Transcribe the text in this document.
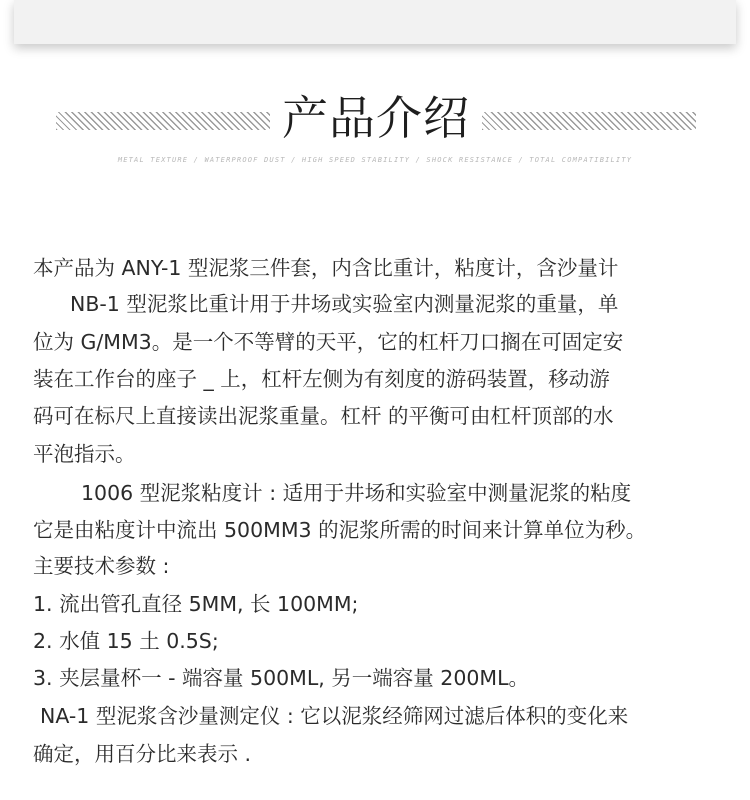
产品介绍
METAL TEXTURE / WATERPROOF DUST / HIGH SPEED STABILITY / SHOCK RESISTANCE / TOTAL COMPATIBILITY

本产品为 ANY-1 型泥浆三件套，内含比重计，粘度计，含沙量计

NB-1 型泥浆比重计用于井场或实验室内测量泥浆的重量，单

位为 G/MM3。是一个不等臂的天平，它的杠杆刀口搁在可固定安

装在工作台的座子 _ 上，杠杆左侧为有刻度的游码装置，移动游

码可在标尺上直接读出泥浆重量。杠杆 的平衡可由杠杆顶部的水

平泡指示。

1006 型泥浆粘度计 : 适用于井场和实验室中测量泥浆的粘度

它是由粘度计中流出 500MM3 的泥浆所需的时间来计算单位为秒。

主要技术参数 :

1. 流出管孔直径 5MM, 长 100MM;

2. 水值 15 土 0.5S;

3. 夹层量杯一 - 端容量 500ML, 另一端容量 200ML。

NA-1 型泥浆含沙量测定仪 : 它以泥浆经筛网过滤后体积的变化来

确定，用百分比来表示 .
